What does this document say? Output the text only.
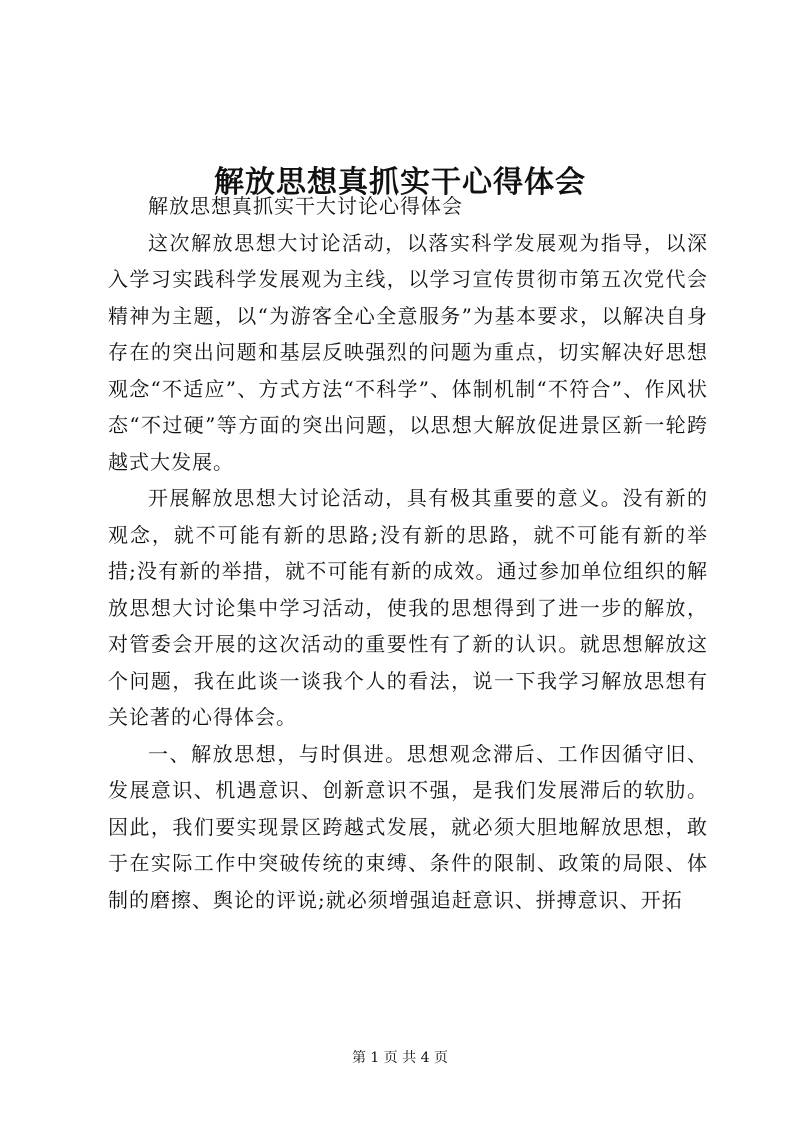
解放思想真抓实干心得体会

解放思想真抓实干大讨论心得体会

这次解放思想大讨论活动，以落实科学发展观为指导，以深入学习实践科学发展观为主线，以学习宣传贯彻市第五次党代会精神为主题，以“为游客全心全意服务”为基本要求，以解决自身存在的突出问题和基层反映强烈的问题为重点，切实解决好思想观念“不适应”、方式方法“不科学”、体制机制“不符合”、作风状态“不过硬”等方面的突出问题，以思想大解放促进景区新一轮跨越式大发展。

开展解放思想大讨论活动，具有极其重要的意义。没有新的观念，就不可能有新的思路;没有新的思路，就不可能有新的举措;没有新的举措，就不可能有新的成效。通过参加单位组织的解放思想大讨论集中学习活动，使我的思想得到了进一步的解放，对管委会开展的这次活动的重要性有了新的认识。就思想解放这个问题，我在此谈一谈我个人的看法，说一下我学习解放思想有关论著的心得体会。

一、解放思想，与时俱进。思想观念滞后、工作因循守旧、发展意识、机遇意识、创新意识不强，是我们发展滞后的软肋。因此，我们要实现景区跨越式发展，就必须大胆地解放思想，敢于在实际工作中突破传统的束缚、条件的限制、政策的局限、体制的磨擦、舆论的评说;就必须增强追赶意识、拼搏意识、开拓

第 1 页 共 4 页
